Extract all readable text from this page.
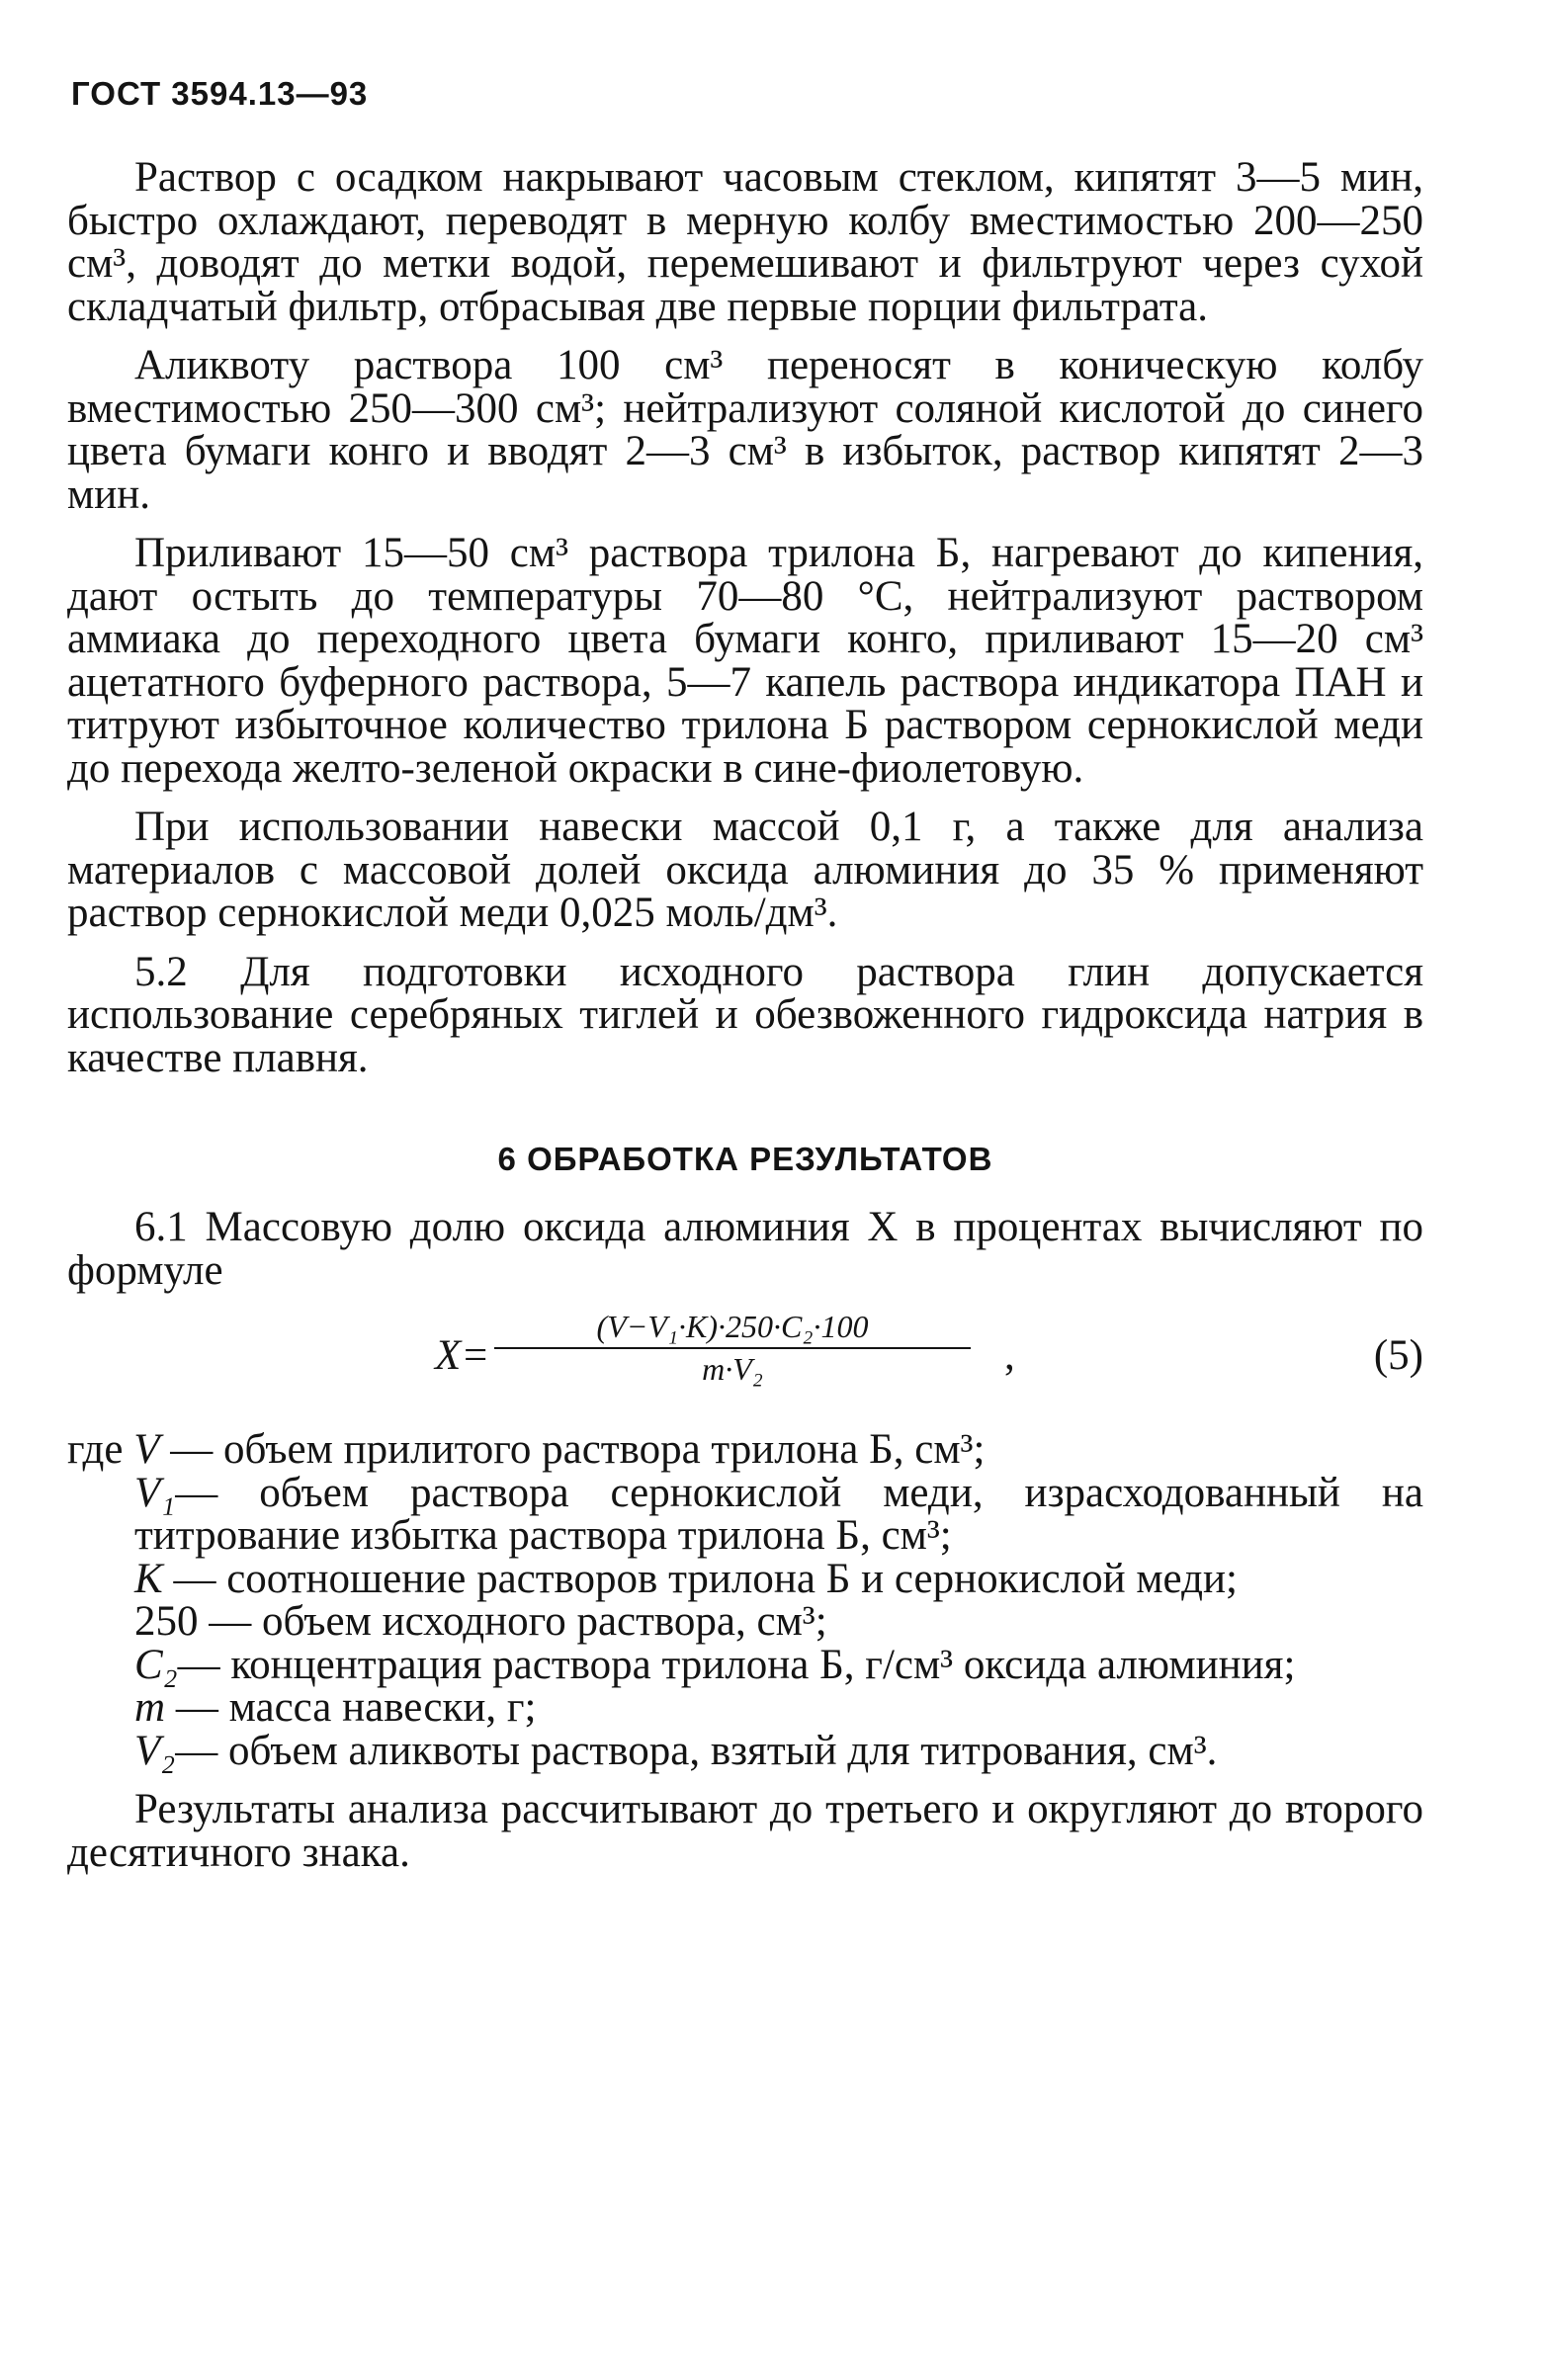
ГОСТ 3594.13—93

Раствор с осадком накрывают часовым стеклом, кипятят 3—5 мин, быстро охлаждают, переводят в мерную колбу вместимостью 200—250 см³, доводят до метки водой, перемешивают и фильтруют через сухой складчатый фильтр, отбрасывая две первые порции фильтрата.

Аликвоту раствора 100 см³ переносят в коническую колбу вместимостью 250—300 см³; нейтрализуют соляной кислотой до синего цвета бумаги конго и вводят 2—3 см³ в избыток, раствор кипятят 2—3 мин.

Приливают 15—50 см³ раствора трилона Б, нагревают до кипения, дают остыть до температуры 70—80 °С, нейтрализуют раствором аммиака до переходного цвета бумаги конго, приливают 15—20 см³ ацетатного буферного раствора, 5—7 капель раствора индикатора ПАН и титруют избыточное количество трилона Б раствором сернокислой меди до перехода желто-зеленой окраски в сине-фиолетовую.

При использовании навески массой 0,1 г, а также для анализа материалов с массовой долей оксида алюминия до 35 % применяют раствор сернокислой меди 0,025 моль/дм³.

5.2 Для подготовки исходного раствора глин допускается использование серебряных тиглей и обезвоженного гидроксида натрия в качестве плавня.

6 ОБРАБОТКА РЕЗУЛЬТАТОВ

6.1 Массовую долю оксида алюминия X в процентах вычисляют по формуле

$X= \frac{\text{(V−V₁·K)·250·C₂·100}}{\text{m·V₂}}$ ,	(5)
где V — объем прилитого раствора трилона Б, см³;
V₁— объем раствора сернокислой меди, израсходованный на титрование избытка раствора трилона Б, см³;
K — соотношение растворов трилона Б и сернокислой меди;
250 — объем исходного раствора, см³;
C₂— концентрация раствора трилона Б, г/см³ оксида алюминия;
m — масса навески, г;
V₂— объем аликвоты раствора, взятый для титрования, см³.

Результаты анализа рассчитывают до третьего и округляют до второго десятичного знака.
